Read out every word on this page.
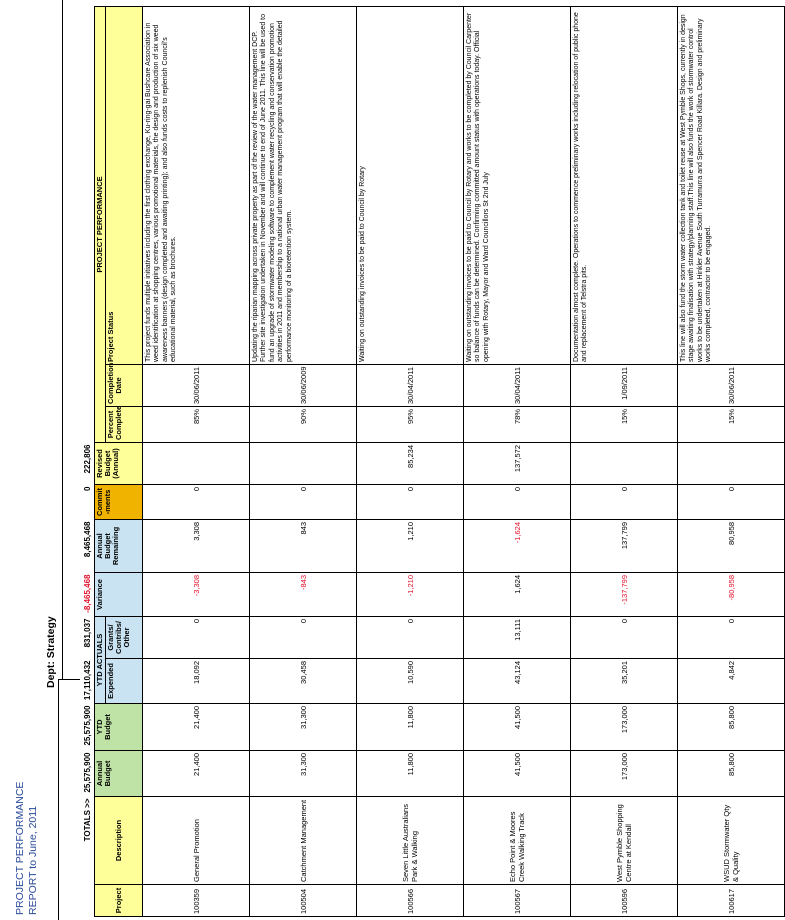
PROJECT PERFORMANCE REPORT to June, 2011
Dept: Strategy
	TOTALS >>	25,575,900	25,575,900	17,110,432	831,037	-8,465,468	8,465,468	0	222,806			
Project	Description	Annual Budget	YTD Budget	YTD ACTUALS		Variance	Annual Budget Remaining	Commit -ments	Revised Budget (Annual)	PROJECT PERFORMANCE		
				Expended	Grants/ Contribs/ Other					Percent Complete	Completion Date	Project Status
100359	General Promotion	21,400	21,400	18,092	0	-3,308	3,308	0		85%	30/06/2011	This project funds multiple initiatives including the first clothing exchange, Ku-ring-gai Bushcare Association in weed identification at shopping centres, various promotional materials, the design and production of six weed awareness banners (design completed and awaiting printing); and also funds costs to replenish Council's educational material, such as brochures.

100504	Catchment Management	31,300	31,300	30,458	0	-843	843	0		90%	30/06/2009	Updating the riparian mapping across private property as part of the review of the water management DCP. Further site investigation undertaken in November and will continue to end of June 2011. This line will be used to fund an upgrade of stormwater modeling software to complement water recycling and conservation promotion activities in 2011 and membership to a national urban water management program that will enable the detailed performance monitoring of a bioretention system.

100566	Seven Little Australians Park & Walking	11,800	11,800	10,590	0	-1,210	1,210	0	85,234	95%	30/04/2011	Waiting on outstanding invoices to be paid to Council by Rotary

100567	Echo Point & Moores Creek Walking Track	41,500	41,500	43,124	13,111	1,624	-1,624	0	137,572	78%	30/04/2011	Waiting on outstanding invoices to be paid to Council by Rotary and works to be completed by Council Carpenter so balance of funds can be determined. Confirming committed amount status with operations today. Official opening with Rotary, Mayor and Ward Councillors St 2nd July

100596	West Pymble Shopping Centre at Kendall	173,000	173,000	35,201	0	-137,799	137,799	0		15%	1/09/2011	Documentation almost complete. Operations to commence preliminary works including relocation of public phone and replacement of Telstra pits.

100617	WSUD Stormwater Qty & Quality	85,800	85,800	4,842	0	-80,958	80,958	0		15%	30/06/2011	This line will also fund the storm water collection tank and toilet reuse at West Pymble Shops, currently in design stage awaiting finalisation with strategy/planning staff.This line will also funds the work of stormwater control works to be undertaken at Hinkler Avenue South Turramurra and Spencer Road Killara. Design and preliminary works completed, contractor to be engaged.
